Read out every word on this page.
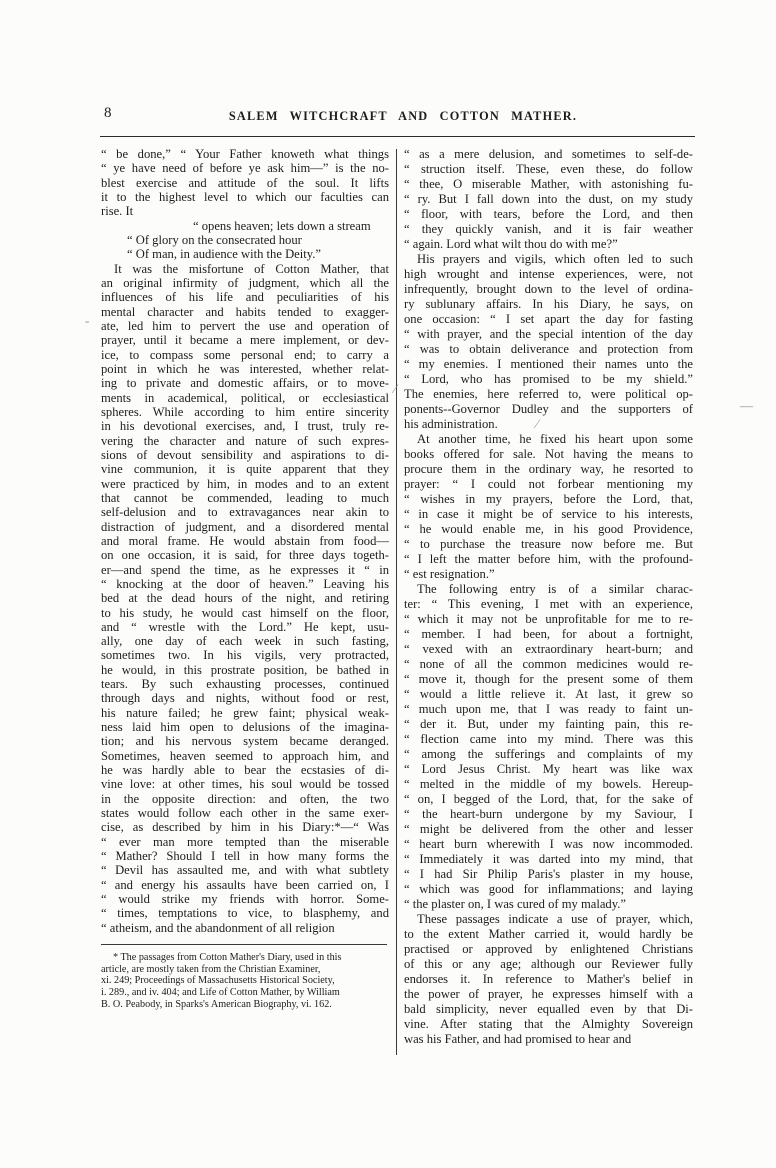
8	SALEM WITCHCRAFT AND COTTON MATHER.
“ be done,” “ Your Father knoweth what things
“ ye have need of before ye ask him—” is the no-
blest exercise and attitude of the soul. It lifts
it to the highest level to which our faculties can
rise. It
“ opens heaven; lets down a stream
“ Of glory on the consecrated hour
“ Of man, in audience with the Deity.”
It was the misfortune of Cotton Mather, that
an original infirmity of judgment, which all the
influences of his life and peculiarities of his
mental character and habits tended to exagger-
ate, led him to pervert the use and operation of
prayer, until it became a mere implement, or dev-
ice, to compass some personal end; to carry a
point in which he was interested, whether relat-
ing to private and domestic affairs, or to move-
ments in academical, political, or ecclesiastical
spheres. While according to him entire sincerity
in his devotional exercises, and, I trust, truly re-
vering the character and nature of such expres-
sions of devout sensibility and aspirations to di-
vine communion, it is quite apparent that they
were practiced by him, in modes and to an extent
that cannot be commended, leading to much
self-delusion and to extravagances near akin to
distraction of judgment, and a disordered mental
and moral frame. He would abstain from food—
on one occasion, it is said, for three days togeth-
er—and spend the time, as he expresses it “ in
“ knocking at the door of heaven.” Leaving his
bed at the dead hours of the night, and retiring
to his study, he would cast himself on the floor,
and “ wrestle with the Lord.” He kept, usu-
ally, one day of each week in such fasting,
sometimes two. In his vigils, very protracted,
he would, in this prostrate position, be bathed in
tears. By such exhausting processes, continued
through days and nights, without food or rest,
his nature failed; he grew faint; physical weak-
ness laid him open to delusions of the imagina-
tion; and his nervous system became deranged.
Sometimes, heaven seemed to approach him, and
he was hardly able to bear the ecstasies of di-
vine love: at other times, his soul would be tossed
in the opposite direction: and often, the two
states would follow each other in the same exer-
cise, as described by him in his Diary:*—“ Was
“ ever man more tempted than the miserable
“ Mather? Should I tell in how many forms the
“ Devil has assaulted me, and with what subtlety
“ and energy his assaults have been carried on, I
“ would strike my friends with horror. Some-
“ times, temptations to vice, to blasphemy, and
“ atheism, and the abandonment of all religion
* The passages from Cotton Mather's Diary, used in this
article, are mostly taken from the Christian Examiner,
xi. 249; Proceedings of Massachusetts Historical Society,
i. 289., and iv. 404; and Life of Cotton Mather, by William
B. O. Peabody, in Sparks's American Biography, vi. 162.
“ as a mere delusion, and sometimes to self-de-
“ struction itself. These, even these, do follow
“ thee, O miserable Mather, with astonishing fu-
“ ry. But I fall down into the dust, on my study
“ floor, with tears, before the Lord, and then
“ they quickly vanish, and it is fair weather
“ again. Lord what wilt thou do with me?”
His prayers and vigils, which often led to such
high wrought and intense experiences, were, not
infrequently, brought down to the level of ordina-
ry sublunary affairs. In his Diary, he says, on
one occasion: “ I set apart the day for fasting
“ with prayer, and the special intention of the day
“ was to obtain deliverance and protection from
“ my enemies. I mentioned their names unto the
“ Lord, who has promised to be my shield.”
The enemies, here referred to, were political op-
ponents--Governor Dudley and the supporters of
his administration.
At another time, he fixed his heart upon some
books offered for sale. Not having the means to
procure them in the ordinary way, he resorted to
prayer: “ I could not forbear mentioning my
“ wishes in my prayers, before the Lord, that,
“ in case it might be of service to his interests,
“ he would enable me, in his good Providence,
“ to purchase the treasure now before me. But
“ I left the matter before him, with the profound-
“ est resignation.”
The following entry is of a similar charac-
ter: “ This evening, I met with an experience,
“ which it may not be unprofitable for me to re-
“ member. I had been, for about a fortnight,
“ vexed with an extraordinary heart-burn; and
“ none of all the common medicines would re-
“ move it, though for the present some of them
“ would a little relieve it. At last, it grew so
“ much upon me, that I was ready to faint un-
“ der it. But, under my fainting pain, this re-
“ flection came into my mind. There was this
“ among the sufferings and complaints of my
“ Lord Jesus Christ. My heart was like wax
“ melted in the middle of my bowels. Hereup-
“ on, I begged of the Lord, that, for the sake of
“ the heart-burn undergone by my Saviour, I
“ might be delivered from the other and lesser
“ heart burn wherewith I was now incommoded.
“ Immediately it was darted into my mind, that
“ I had Sir Philip Paris's plaster in my house,
“ which was good for inflammations; and laying
“ the plaster on, I was cured of my malady.”
These passages indicate a use of prayer, which,
to the extent Mather carried it, would hardly be
practised or approved by enlightened Christians
of this or any age; although our Reviewer fully
endorses it. In reference to Mather's belief in
the power of prayer, he expresses himself with a
bald simplicity, never equalled even by that Di-
vine. After stating that the Almighty Sovereign
was his Father, and had promised to hear and
-
⁄
—
⁄
